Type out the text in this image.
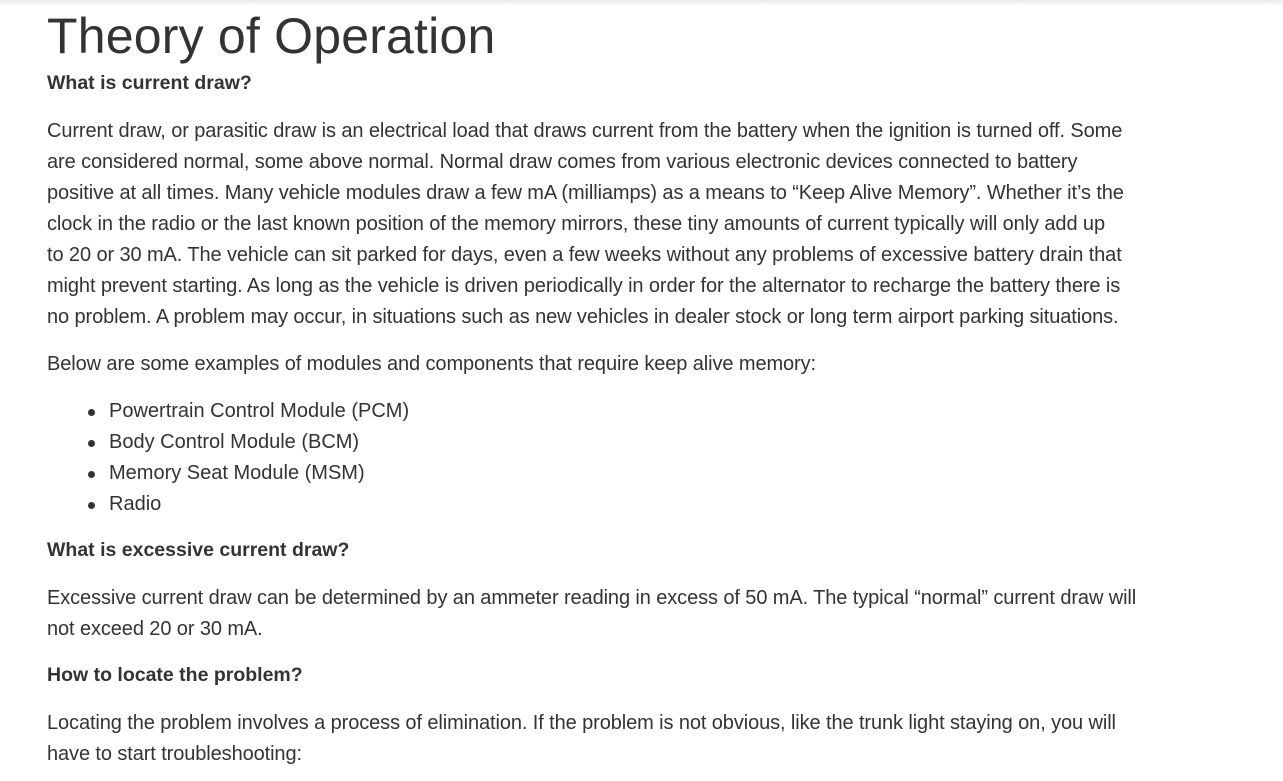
Theory of Operation
What is current draw?
Current draw, or parasitic draw is an electrical load that draws current from the battery when the ignition is turned off. Some
are considered normal, some above normal. Normal draw comes from various electronic devices connected to battery
positive at all times. Many vehicle modules draw a few mA (milliamps) as a means to “Keep Alive Memory”. Whether it’s the
clock in the radio or the last known position of the memory mirrors, these tiny amounts of current typically will only add up
to 20 or 30 mA. The vehicle can sit parked for days, even a few weeks without any problems of excessive battery drain that
might prevent starting. As long as the vehicle is driven periodically in order for the alternator to recharge the battery there is
no problem. A problem may occur, in situations such as new vehicles in dealer stock or long term airport parking situations.
Below are some examples of modules and components that require keep alive memory:
Powertrain Control Module (PCM)
Body Control Module (BCM)
Memory Seat Module (MSM)
Radio
What is excessive current draw?
Excessive current draw can be determined by an ammeter reading in excess of 50 mA. The typical “normal” current draw will
not exceed 20 or 30 mA.
How to locate the problem?
Locating the problem involves a process of elimination. If the problem is not obvious, like the trunk light staying on, you will
have to start troubleshooting:
